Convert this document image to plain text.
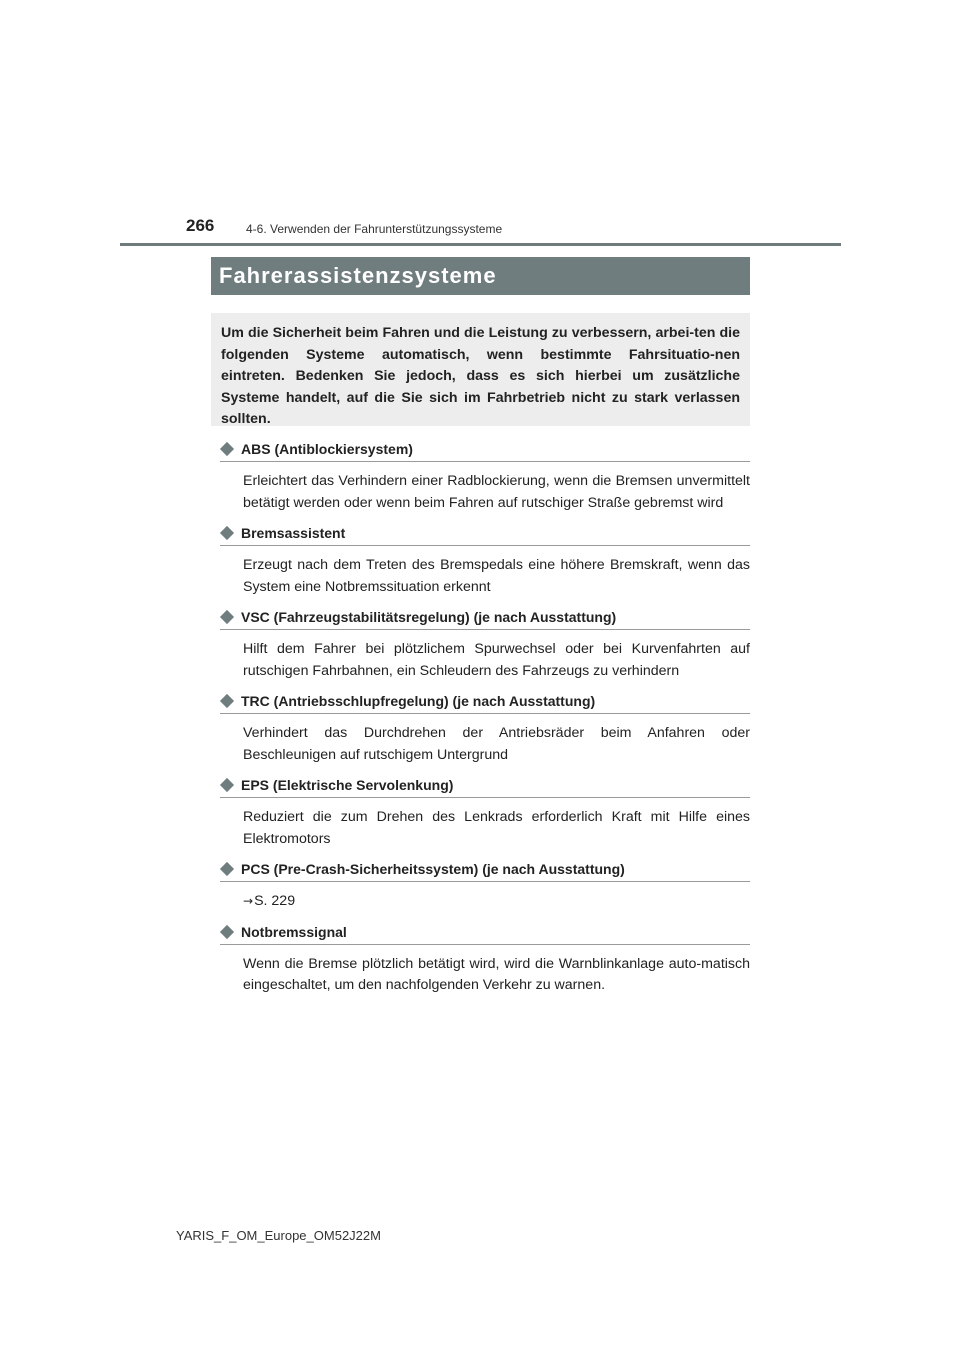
266	4-6. Verwenden der Fahrunterstützungssysteme
Fahrerassistenzsysteme
Um die Sicherheit beim Fahren und die Leistung zu verbessern, arbei-ten die folgenden Systeme automatisch, wenn bestimmte Fahrsituatio-nen eintreten. Bedenken Sie jedoch, dass es sich hierbei um zusätzliche Systeme handelt, auf die Sie sich im Fahrbetrieb nicht zu stark verlassen sollten.
ABS (Antiblockiersystem)
Erleichtert das Verhindern einer Radblockierung, wenn die Bremsen unvermittelt betätigt werden oder wenn beim Fahren auf rutschiger Straße gebremst wird
Bremsassistent
Erzeugt nach dem Treten des Bremspedals eine höhere Bremskraft, wenn das System eine Notbremssituation erkennt
VSC (Fahrzeugstabilitätsregelung) (je nach Ausstattung)
Hilft dem Fahrer bei plötzlichem Spurwechsel oder bei Kurvenfahrten auf rutschigen Fahrbahnen, ein Schleudern des Fahrzeugs zu verhindern
TRC (Antriebsschlupfregelung) (je nach Ausstattung)
Verhindert das Durchdrehen der Antriebsräder beim Anfahren oder Beschleunigen auf rutschigem Untergrund
EPS (Elektrische Servolenkung)
Reduziert die zum Drehen des Lenkrads erforderlich Kraft mit Hilfe eines Elektromotors
PCS (Pre-Crash-Sicherheitssystem) (je nach Ausstattung)
→S. 229
Notbremssignal
Wenn die Bremse plötzlich betätigt wird, wird die Warnblinkanlage auto-matisch eingeschaltet, um den nachfolgenden Verkehr zu warnen.
YARIS_F_OM_Europe_OM52J22M
